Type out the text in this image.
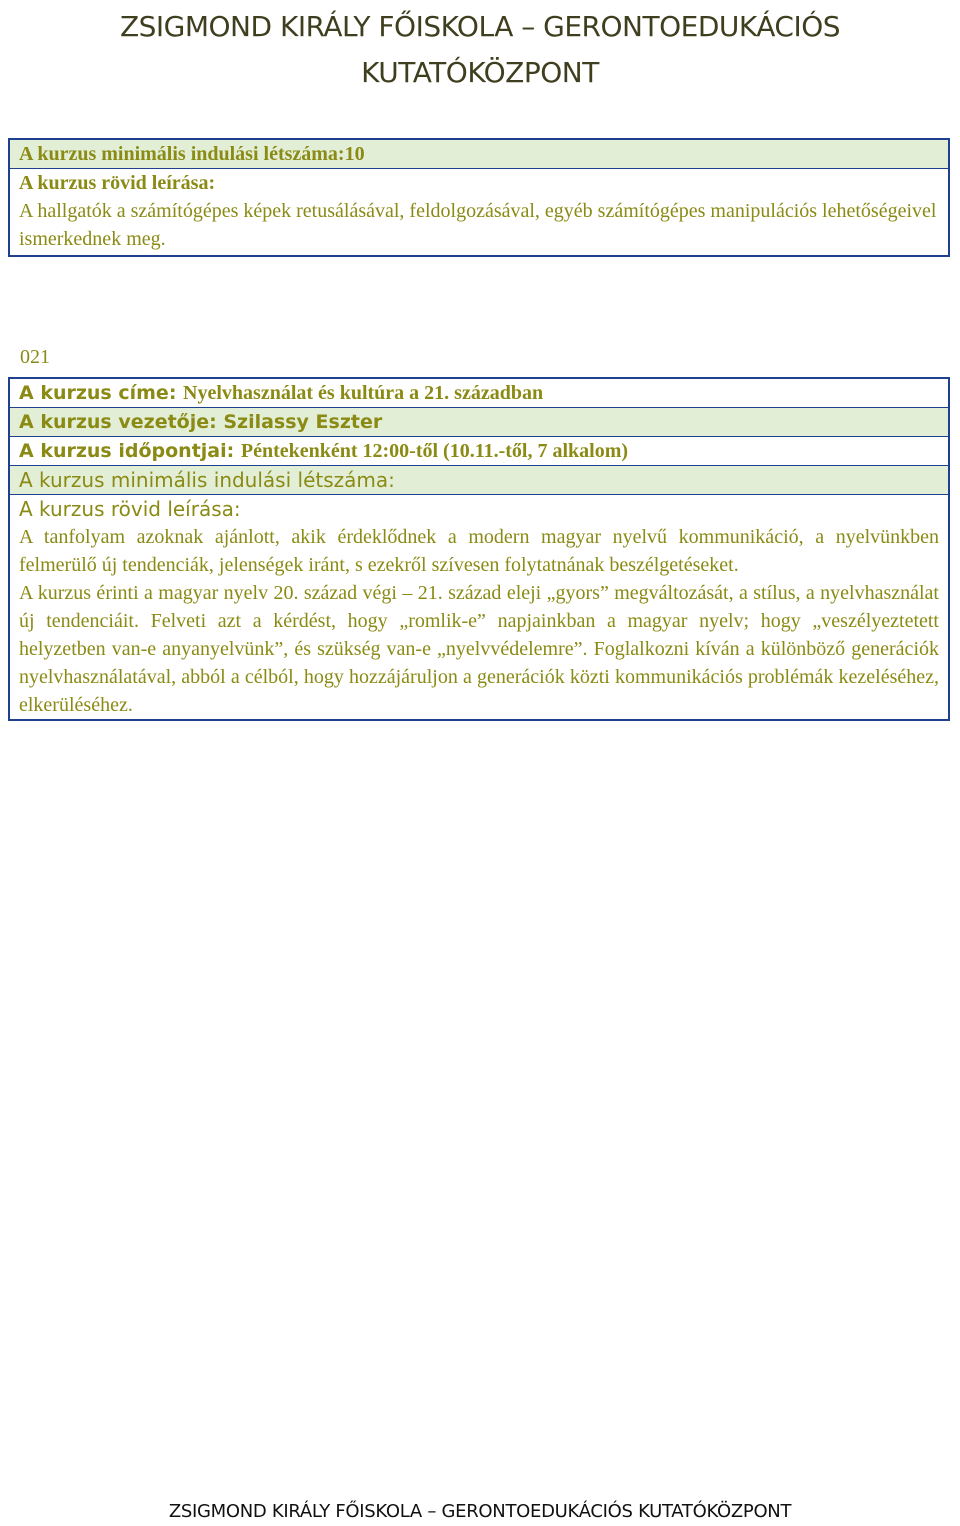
ZSIGMOND KIRÁLY FŐISKOLA – GERONTOEDUKÁCIÓS
KUTATÓKÖZPONT
A kurzus minimális indulási létszáma:10
A kurzus rövid leírása:
A hallgatók a számítógépes képek retusálásával, feldolgozásával, egyéb számítógépes manipulációs lehetőségeivel ismerkednek meg.
021
A kurzus címe: Nyelvhasználat és kultúra a 21. században
A kurzus vezetője: Szilassy Eszter
A kurzus időpontjai: Péntekenként 12:00-től (10.11.-től, 7 alkalom)
A kurzus minimális indulási létszáma:
A kurzus rövid leírása:

A tanfolyam azoknak ajánlott, akik érdeklődnek a modern magyar nyelvű kommunikáció, a nyelvünkben felmerülő új tendenciák, jelenségek iránt, s ezekről szívesen folytatnának beszélgetéseket.

A kurzus érinti a magyar nyelv 20. század végi – 21. század eleji „gyors” megváltozását, a stílus, a nyelvhasználat új tendenciáit. Felveti azt a kérdést, hogy „romlik-e” napjainkban a magyar nyelv; hogy „veszélyeztetett helyzetben van-e anyanyelvünk”, és szükség van-e „nyelvvédelemre”. Foglalkozni kíván a különböző generációk nyelvhasználatával, abból a célból, hogy hozzájáruljon a generációk közti kommunikációs problémák kezeléséhez, elkerüléséhez.

ZSIGMOND KIRÁLY FŐISKOLA – GERONTOEDUKÁCIÓS KUTATÓKÖZPONT
